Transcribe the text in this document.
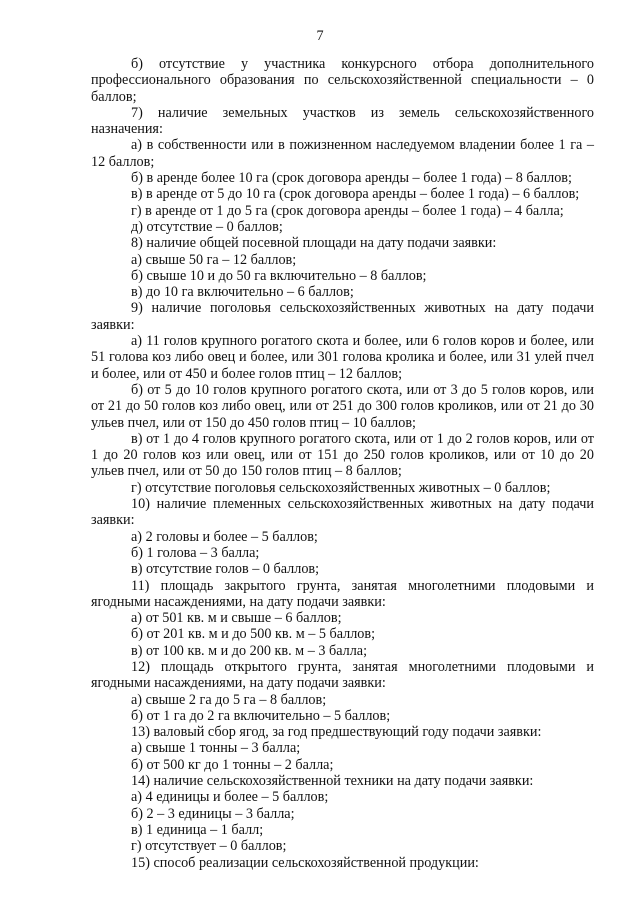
7

б) отсутствие у участника конкурсного отбора дополнительного профессионального образования по сельскохозяйственной специальности – 0 баллов;

7) наличие земельных участков из земель сельскохозяйственного назначения:

а) в собственности или в пожизненном наследуемом владении более 1 га – 12 баллов;

б) в аренде более 10 га (срок договора аренды – более 1 года) – 8 баллов;

в) в аренде от 5 до 10 га (срок договора аренды – более 1 года) – 6 баллов;

г) в аренде от 1 до 5 га (срок договора аренды – более 1 года) – 4 балла;

д) отсутствие – 0 баллов;

8) наличие общей посевной площади на дату подачи заявки:

а) свыше 50 га – 12 баллов;

б) свыше 10 и до 50 га включительно – 8 баллов;

в) до 10 га включительно – 6 баллов;

9) наличие поголовья сельскохозяйственных животных на дату подачи заявки:

а) 11 голов крупного рогатого скота и более, или 6 голов коров и более, или 51 голова коз либо овец и более, или 301 голова кролика и более, или 31 улей пчел и более, или от 450 и более голов птиц – 12 баллов;

б) от 5 до 10 голов крупного рогатого скота, или от 3 до 5 голов коров, или от 21 до 50 голов коз либо овец, или от 251 до 300 голов кроликов, или от 21 до 30 ульев пчел, или от 150 до 450 голов птиц – 10 баллов;

в) от 1 до 4 голов крупного рогатого скота, или от 1 до 2 голов коров, или от 1 до 20 голов коз или овец, или от 151 до 250 голов кроликов, или от 10 до 20 ульев пчел, или от 50 до 150 голов птиц – 8 баллов;

г) отсутствие поголовья сельскохозяйственных животных – 0 баллов;

10) наличие племенных сельскохозяйственных животных на дату подачи заявки:

а) 2 головы и более – 5 баллов;

б) 1 голова – 3 балла;

в) отсутствие голов – 0 баллов;

11) площадь закрытого грунта, занятая многолетними плодовыми и ягодными насаждениями, на дату подачи заявки:

а) от 501 кв. м и свыше – 6 баллов;

б) от 201 кв. м и до 500 кв. м – 5 баллов;

в) от 100 кв. м и до 200 кв. м – 3 балла;

12) площадь открытого грунта, занятая многолетними плодовыми и ягодными насаждениями, на дату подачи заявки:

а) свыше 2 га до 5 га – 8 баллов;

б) от 1 га до 2 га включительно – 5 баллов;

13) валовый сбор ягод, за год предшествующий году подачи заявки:

а) свыше 1 тонны – 3 балла;

б) от 500 кг до 1 тонны – 2 балла;

14) наличие сельскохозяйственной техники на дату подачи заявки:

а) 4 единицы и более – 5 баллов;

б) 2 – 3 единицы – 3 балла;

в) 1 единица – 1 балл;

г) отсутствует – 0 баллов;

15) способ реализации сельскохозяйственной продукции:
